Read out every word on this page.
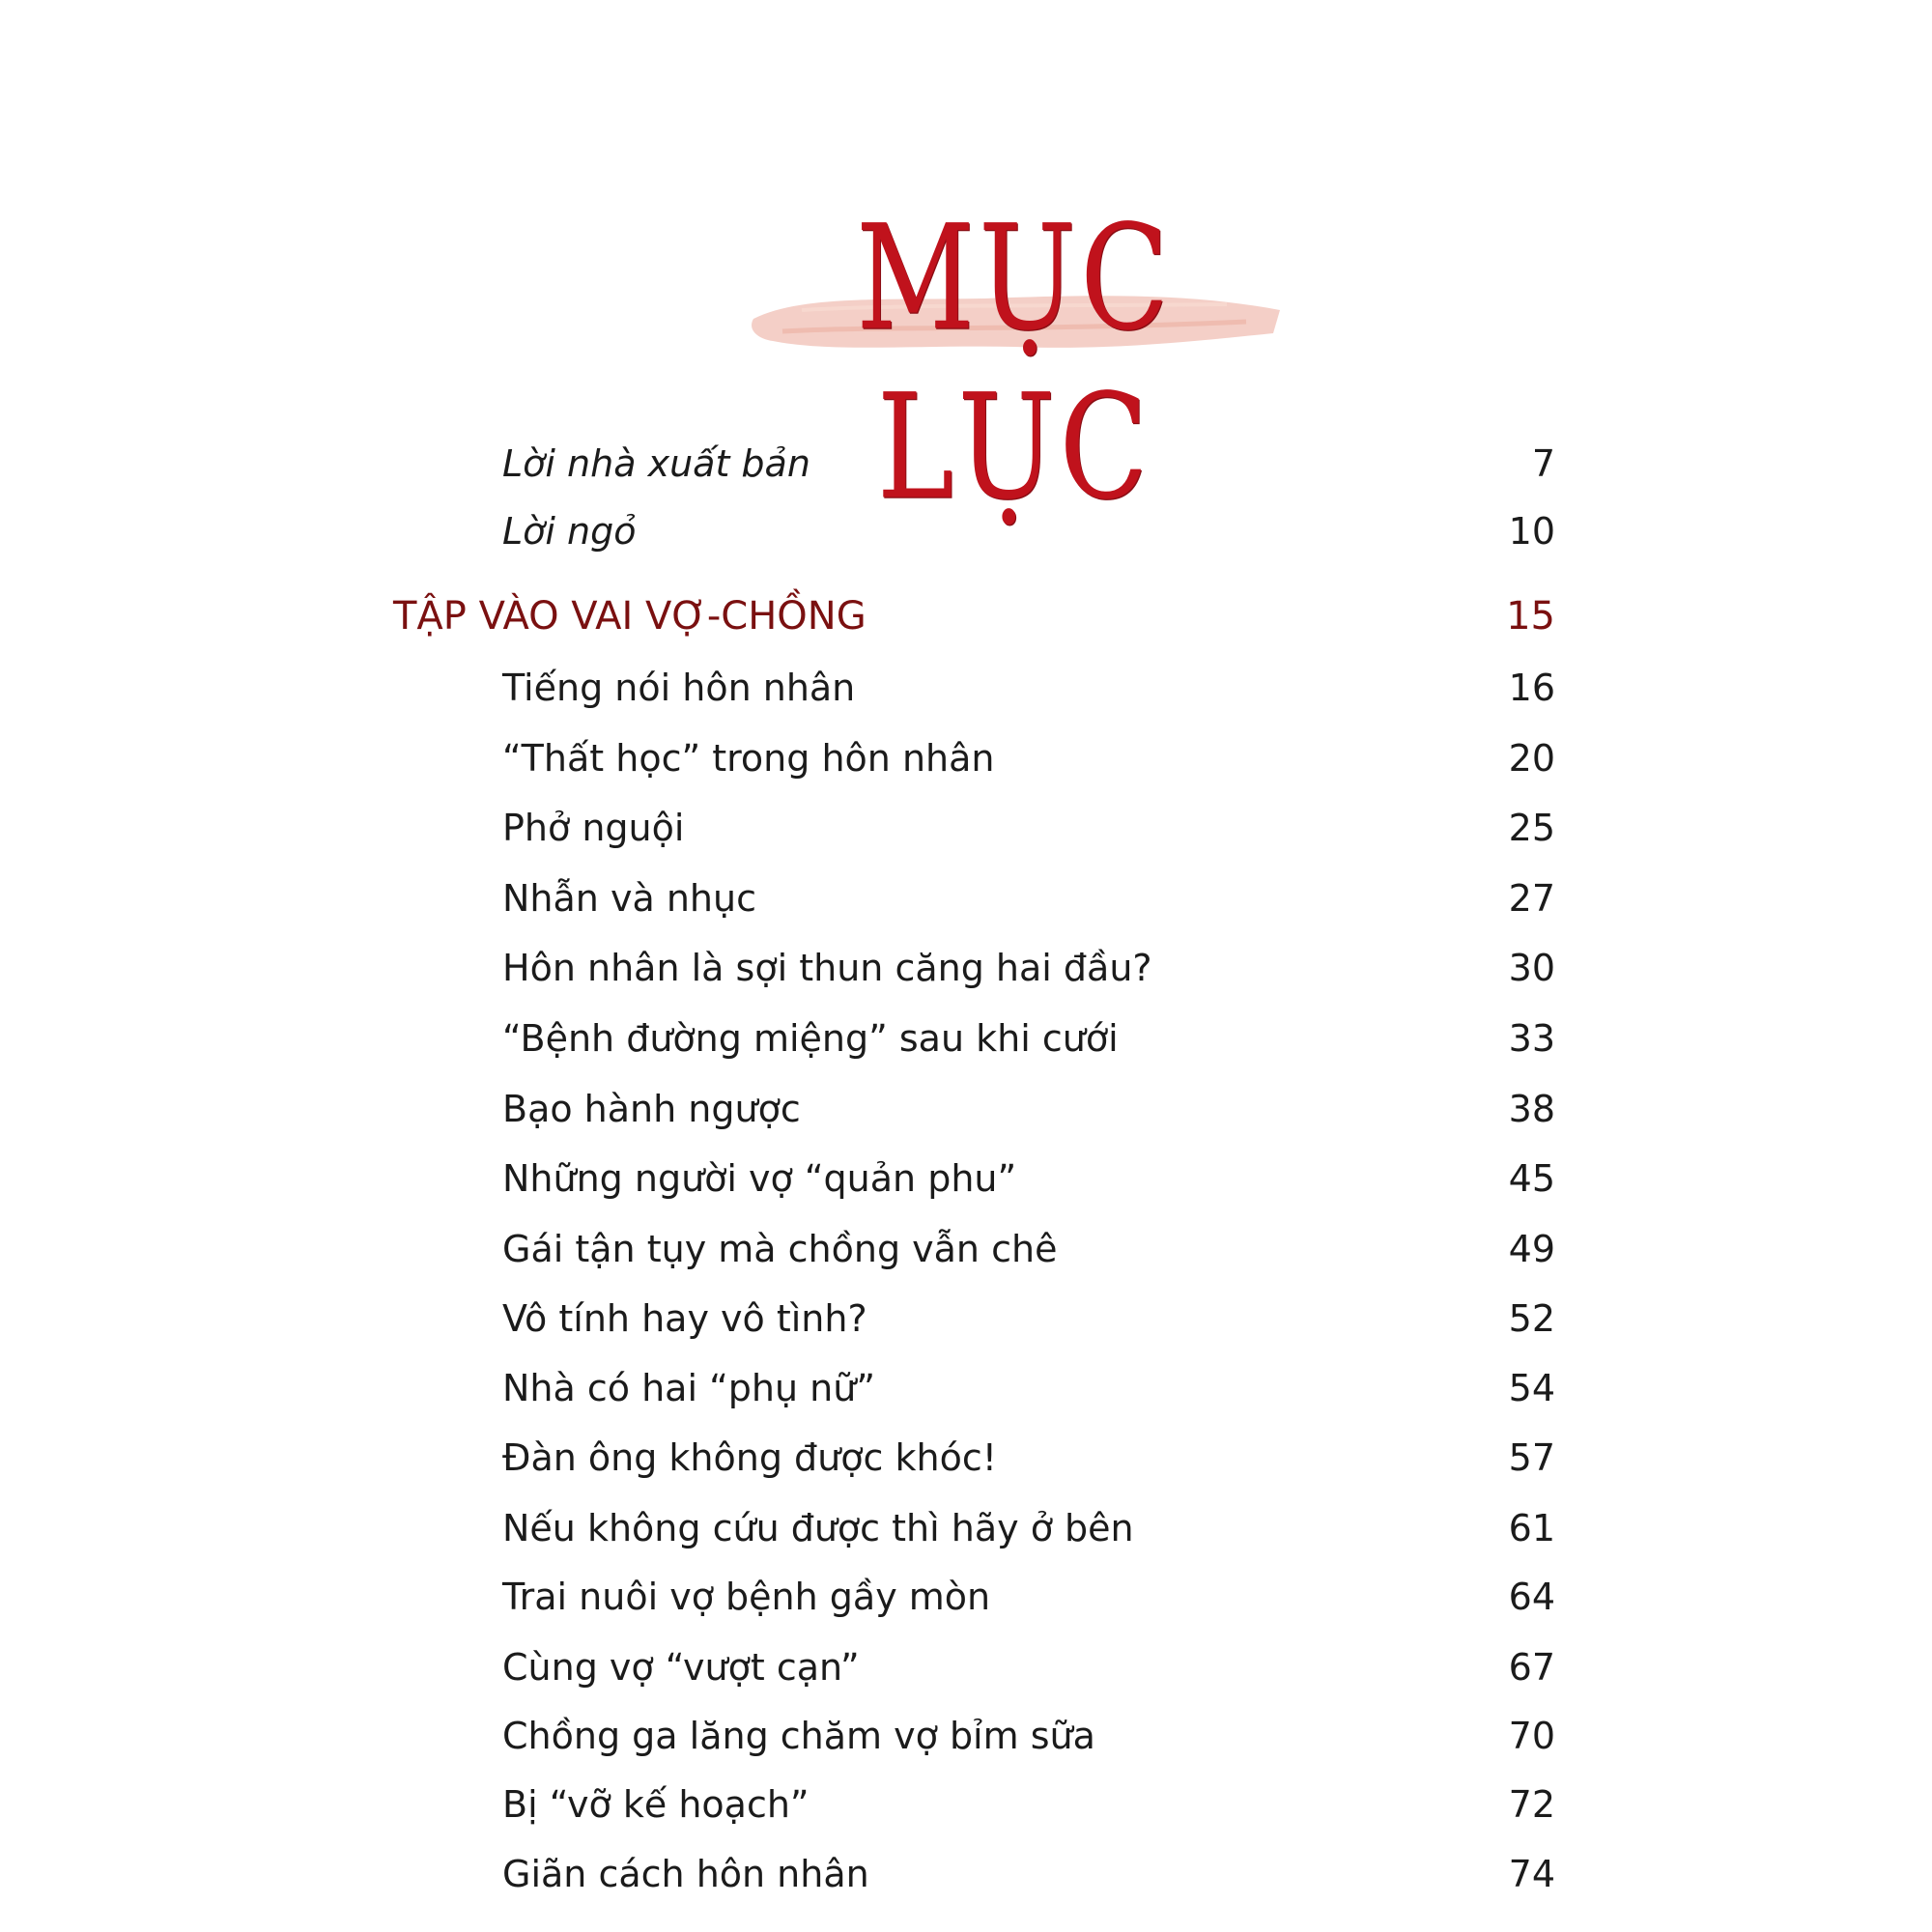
MỤC LỤC
Lời nhà xuất bản	7
Lời ngỏ	10
TẬP VÀO VAI VỢ-CHỒNG	15
Tiếng nói hôn nhân	16
“Thất học” trong hôn nhân	20
Phở nguội	25
Nhẫn và nhục	27
Hôn nhân là sợi thun căng hai đầu?	30
“Bệnh đường miệng” sau khi cưới	33
Bạo hành ngược	38
Những người vợ “quản phu”	45
Gái tận tụy mà chồng vẫn chê	49
Vô tính hay vô tình?	52
Nhà có hai “phụ nữ”	54
Đàn ông không được khóc!	57
Nếu không cứu được thì hãy ở bên	61
Trai nuôi vợ bệnh gầy mòn	64
Cùng vợ “vượt cạn”	67
Chồng ga lăng chăm vợ bỉm sữa	70
Bị “vỡ kế hoạch”	72
Giãn cách hôn nhân	74
